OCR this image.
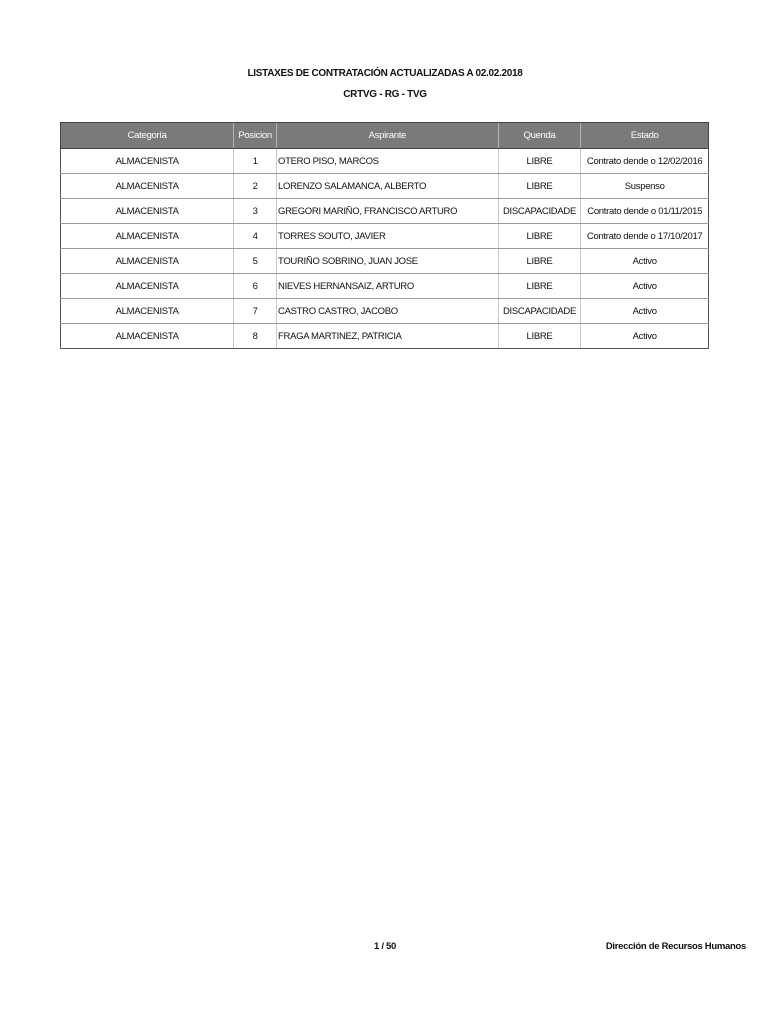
LISTAXES DE CONTRATACIÓN ACTUALIZADAS A 02.02.2018
CRTVG - RG - TVG
Categoría	Posicion	Aspirante	Quenda	Estado
ALMACENISTA	1	OTERO PISO, MARCOS	LIBRE	Contrato dende o 12/02/2016
ALMACENISTA	2	LORENZO SALAMANCA, ALBERTO	LIBRE	Suspenso
ALMACENISTA	3	GREGORI MARIÑO, FRANCISCO ARTURO	DISCAPACIDADE	Contrato dende o 01/11/2015
ALMACENISTA	4	TORRES SOUTO, JAVIER	LIBRE	Contrato dende o 17/10/2017
ALMACENISTA	5	TOURIÑO SOBRINO, JUAN JOSE	LIBRE	Activo
ALMACENISTA	6	NIEVES HERNANSAIZ, ARTURO	LIBRE	Activo
ALMACENISTA	7	CASTRO CASTRO, JACOBO	DISCAPACIDADE	Activo
ALMACENISTA	8	FRAGA MARTINEZ, PATRICIA	LIBRE	Activo
1 / 50	Dirección de Recursos Humanos
